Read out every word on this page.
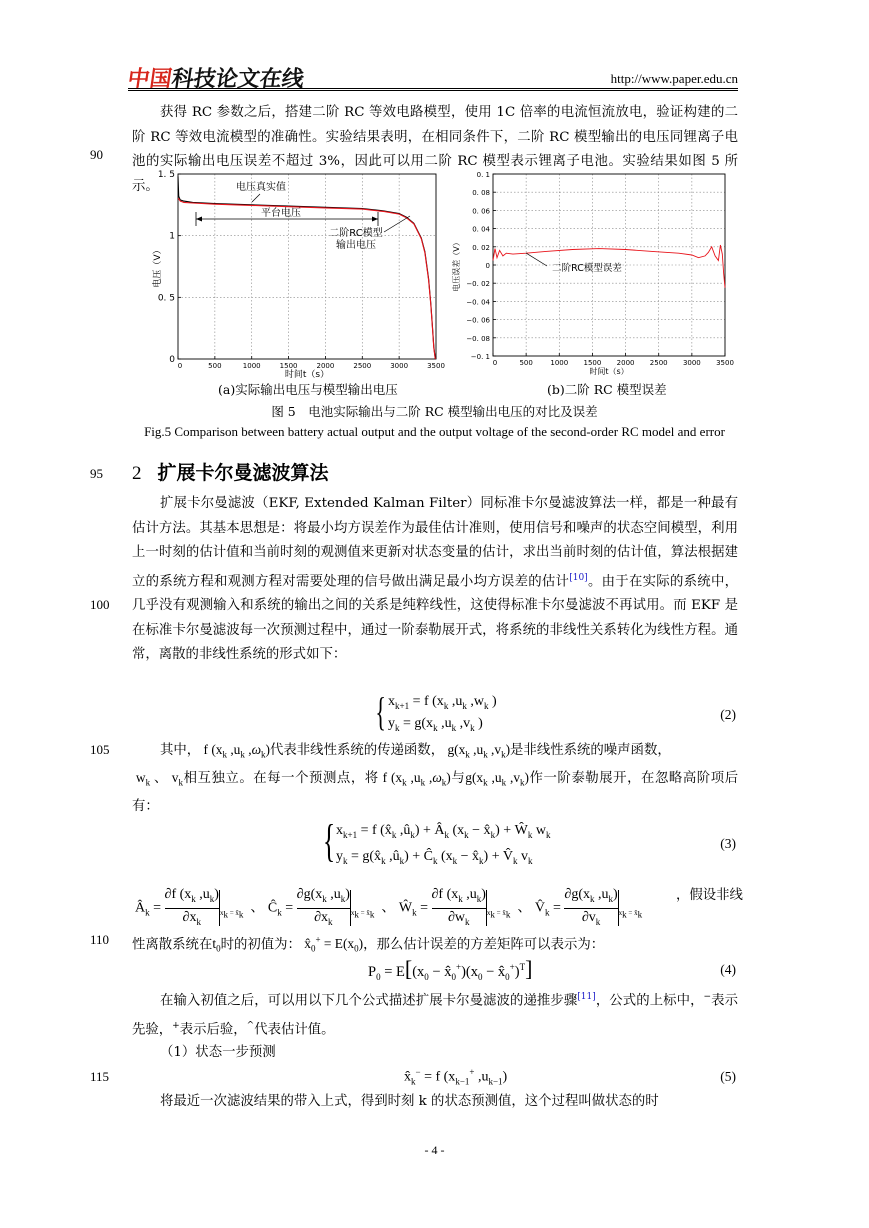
中国科技论文在线	http://www.paper.edu.cn
获得 RC 参数之后，搭建二阶 RC 等效电路模型，使用 1C 倍率的电流恒流放电，验证构建的二阶 RC 等效电流模型的准确性。实验结果表明，在相同条件下，二阶 RC 模型输出的电压同锂离子电池的实际输出电压误差不超过 3%，因此可以用二阶 RC 模型表示锂离子电池。实验结果如图 5 所示。
90
0	500	1000	1500	2000	2500	3000	3500
0
0. 5
1
1. 5
时间t（s）
电压（V）
电压真实值
平台电压
二阶RC模型
输出电压
0	500	1000 1500 2000 2500 3000 3500
−0. 1
−0. 08
−0. 06
−0. 04
−0. 02
0
0. 02
0. 04
0. 06
0. 08
0. 1
时间t（s）
电压误差（V）	二阶RC模型误差
(a)实际输出电压与模型输出电压	(b)二阶 RC 模型误差
图 5　电池实际输出与二阶 RC 模型输出电压的对比及误差
Fig.5 Comparison between battery actual output and the output voltage of the second-order RC model and error
95 2 扩展卡尔曼滤波算法
扩展卡尔曼滤波（EKF, Extended Kalman Filter）同标准卡尔曼滤波算法一样，都是一种最有估计方法。其基本思想是：将最小均方误差作为最佳估计准则，使用信号和噪声的状态空间模型，利用上一时刻的估计值和当前时刻的观测值来更新对状态变量的估计，求出当前时刻的估计值，算法根据建立的系统方程和观测方程对需要处理的信号做出满足最小均方误差的估计[10]。由于在实际的系统中，几乎没有观测输入和系统的输出之间的关系是纯粹线性，这使得标准卡尔曼滤波不再试用。而 EKF 是在标准卡尔曼滤波每一次预测过程中，通过一阶泰勒展开式，将系统的非线性关系转化为线性方程。通常，离散的非线性系统的形式如下：
100
{ $x_{k+1} = f$ ($x_k$ $,u_k$ $,w_k$ )
$y_k = g(x_k$ $,u_k$ $,v_k$ )
(2)
105	其中， f ($x_k$ $,u_k$ $,\omega_k$)代表非线性系统的传递函数， $g(x_k$ $,u_k$ $,v_k$)是非线性系统的噪声函数，
$w_k$ 、 $v_k$相互独立。在每一个预测点，将 f ($x_k$ $,u_k$ $,\omega_k$)与$g(x_k$ $,u_k$ $,v_k$)作一阶泰勒展开，在忽略高阶项后有：
{ $x_{k+1} = f$ ($x̂_k$ $,û_k$) + $Â_k$ ($x_k$ − $x̂_k$) + $Ŵ_k$ $w_k$
$y_k$ = $g(x̂_k$ $,û_k$) + $Ĉ_k$ ($x_k$ − $x̂_k$) + $V̂_k$ $v_k$
(3)
$Â_k = \frac{\partial f (x_k ,u_k)}{\partial x_k} _{x_k = x̂_k}$  、 $Ĉ_k = \frac{\partial g(x_k ,u_k)}{\partial x_k} _{x_k = x̂_k}$  、 $Ŵ_k = \frac{\partial f (x_k ,u_k)}{\partial w_k} _{x_k = x̂_k}$  、 $V̂_k = \frac{\partial g(x_k ,u_k)}{\partial v_k} _{x_k = x̂_k}$
，假设非线
110 性离散系统在$t_0$时的初值为： $x̂_0^+ = E(x_0)$，那么估计误差的方差矩阵可以表示为：
$P_0 = E[(x_0$ − $x̂_0^+)(x_0$ − $x̂_0^+)^T$]	(4)
在输入初值之后，可以用以下几个公式描述扩展卡尔曼滤波的递推步骤[11]，公式的上标中，−表示先验，+表示后验，^代表估计值。
（1）状态一步预测
115	$x̂_k^- = f$ ($x_{k-1}^+$ $,u_{k-1}$)	(5)
将最近一次滤波结果的带入上式，得到时刻 k 的状态预测值，这个过程叫做状态的时
- 4 -
